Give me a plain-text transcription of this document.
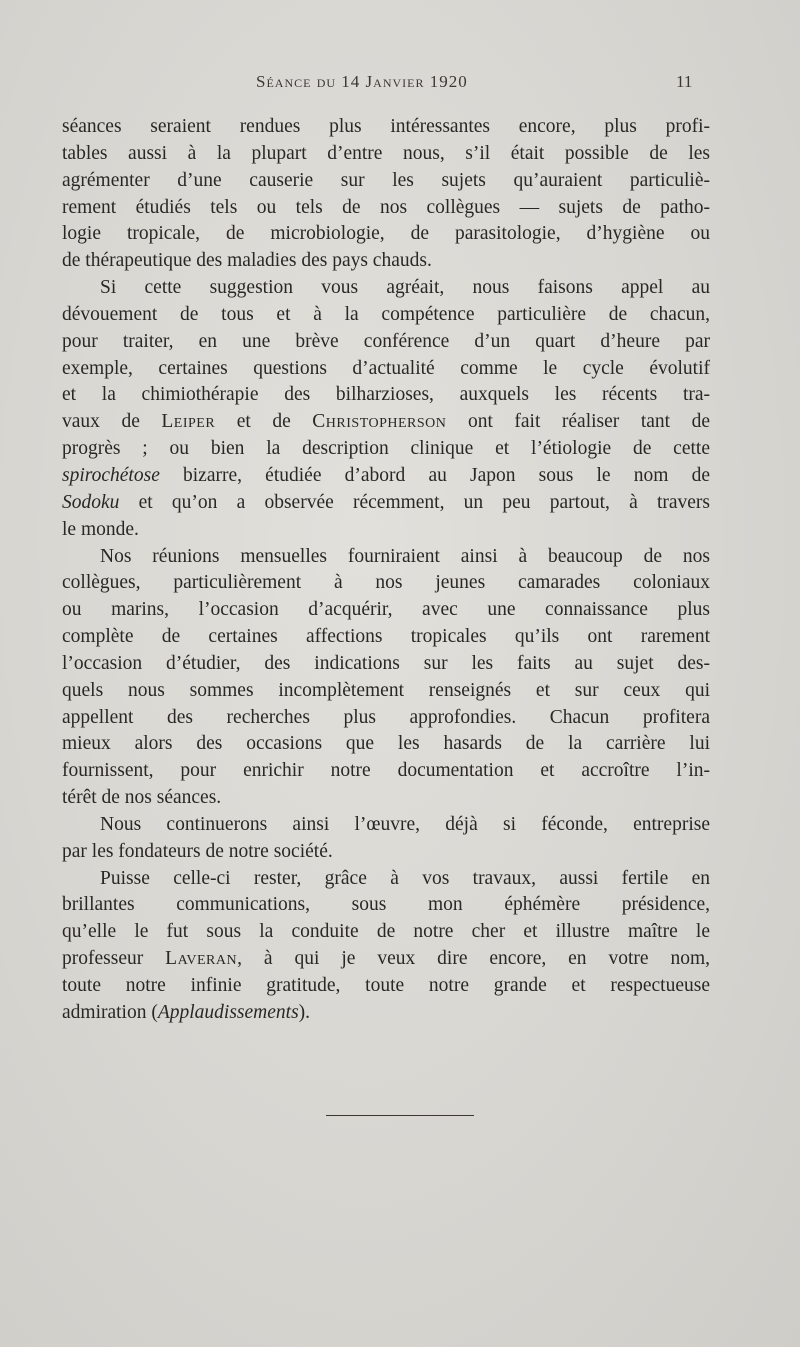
Séance du 14 Janvier 1920	11
séances seraient rendues plus intéressantes encore, plus profi-
tables aussi à la plupart d’entre nous, s’il était possible de les
agrémenter d’une causerie sur les sujets qu’auraient particuliè-
rement étudiés tels ou tels de nos collègues — sujets de patho-
logie tropicale, de microbiologie, de parasitologie, d’hygiène ou
de thérapeutique des maladies des pays chauds.
Si cette suggestion vous agréait, nous faisons appel au
dévouement de tous et à la compétence particulière de chacun,
pour traiter, en une brève conférence d’un quart d’heure par
exemple, certaines questions d’actualité comme le cycle évolutif
et la chimiothérapie des bilharzioses, auxquels les récents tra-
vaux de Leiper et de Christopherson ont fait réaliser tant de
progrès ; ou bien la description clinique et l’étiologie de cette
spirochétose bizarre, étudiée d’abord au Japon sous le nom de
Sodoku et qu’on a observée récemment, un peu partout, à travers
le monde.
Nos réunions mensuelles fourniraient ainsi à beaucoup de nos
collègues, particulièrement à nos jeunes camarades coloniaux
ou marins, l’occasion d’acquérir, avec une connaissance plus
complète de certaines affections tropicales qu’ils ont rarement
l’occasion d’étudier, des indications sur les faits au sujet des-
quels nous sommes incomplètement renseignés et sur ceux qui
appellent des recherches plus approfondies. Chacun profitera
mieux alors des occasions que les hasards de la carrière lui
fournissent, pour enrichir notre documentation et accroître l’in-
térêt de nos séances.
Nous continuerons ainsi l’œuvre, déjà si féconde, entreprise
par les fondateurs de notre société.
Puisse celle-ci rester, grâce à vos travaux, aussi fertile en
brillantes communications, sous mon éphémère présidence,
qu’elle le fut sous la conduite de notre cher et illustre maître le
professeur Laveran, à qui je veux dire encore, en votre nom,
toute notre infinie gratitude, toute notre grande et respectueuse
admiration (Applaudissements).
